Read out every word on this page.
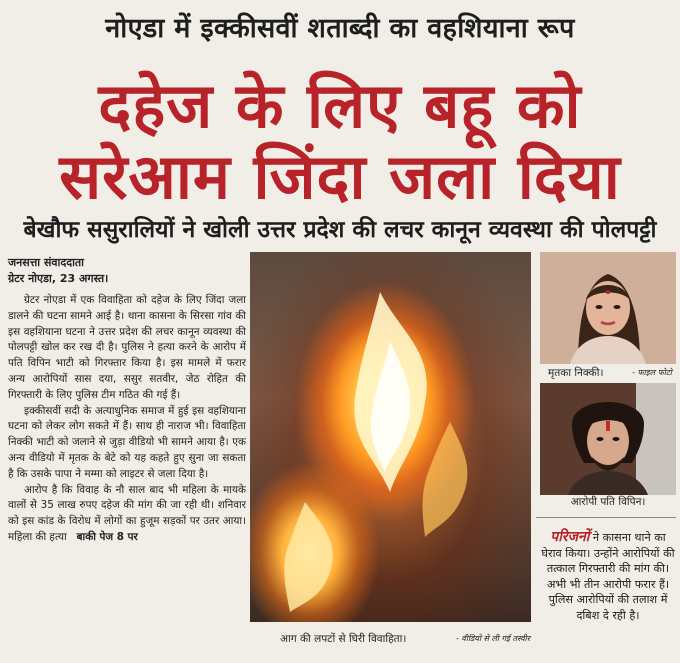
नोएडा में इक्कीसवीं शताब्दी का वहशियाना रूप
दहेज के लिए बहू को
सरेआम जिंदा जला दिया
बेखौफ ससुरालियों ने खोली उत्तर प्रदेश की लचर कानून व्यवस्था की पोलपट्टी
जनसत्ता संवाददाता
ग्रेटर नोएडा, 23 अगस्त।

ग्रेटर नोएडा में एक विवाहिता को दहेज के लिए जिंदा जला डालने की घटना सामने आई है। थाना कासना के सिरसा गांव की इस वहशियाना घटना ने उत्तर प्रदेश की लचर कानून व्यवस्था की पोलपट्टी खोल कर रख दी है। पुलिस ने हत्या करने के आरोप में पति विपिन भाटी को गिरफ्तार किया है। इस मामले में फरार अन्य आरोपियों सास दया, ससुर सतवीर, जेठ रोहित की गिरफ्तारी के लिए पुलिस टीम गठित की गई हैं।

इक्कीसवीं सदी के अत्याधुनिक समाज में हुई इस वहशियाना घटना को लेकर लोग सकते में हैं। साथ ही नाराज भी। विवाहिता निक्की भाटी को जलाने से जुड़ा वीडियो भी सामने आया है। एक अन्य वीडियो में मृतक के बेटे को यह कहते हुए सुना जा सकता है कि उसके पापा ने मम्मा को लाइटर से जला दिया है।

आरोप है कि विवाह के नौ साल बाद भी महिला के मायके वालों से 35 लाख रुपए दहेज की मांग की जा रही थी। शनिवार को इस कांड के विरोध में लोगों का हुजूम सड़कों पर उतर आया। महिला की हत्या बाकी पेज 8 पर

आग की लपटों से घिरी विवाहिता।	- वीडियो से ली गई तस्वीर
मृतका निक्की।	- फाइल फोटो
आरोपी पति विपिन।
परिजनों ने कासना थाने का घेराव किया। उन्होंने आरोपियों की तत्काल गिरफ्तारी की मांग की। अभी भी तीन आरोपी फरार हैं। पुलिस आरोपियों की तलाश में दबिश दे रही है।
